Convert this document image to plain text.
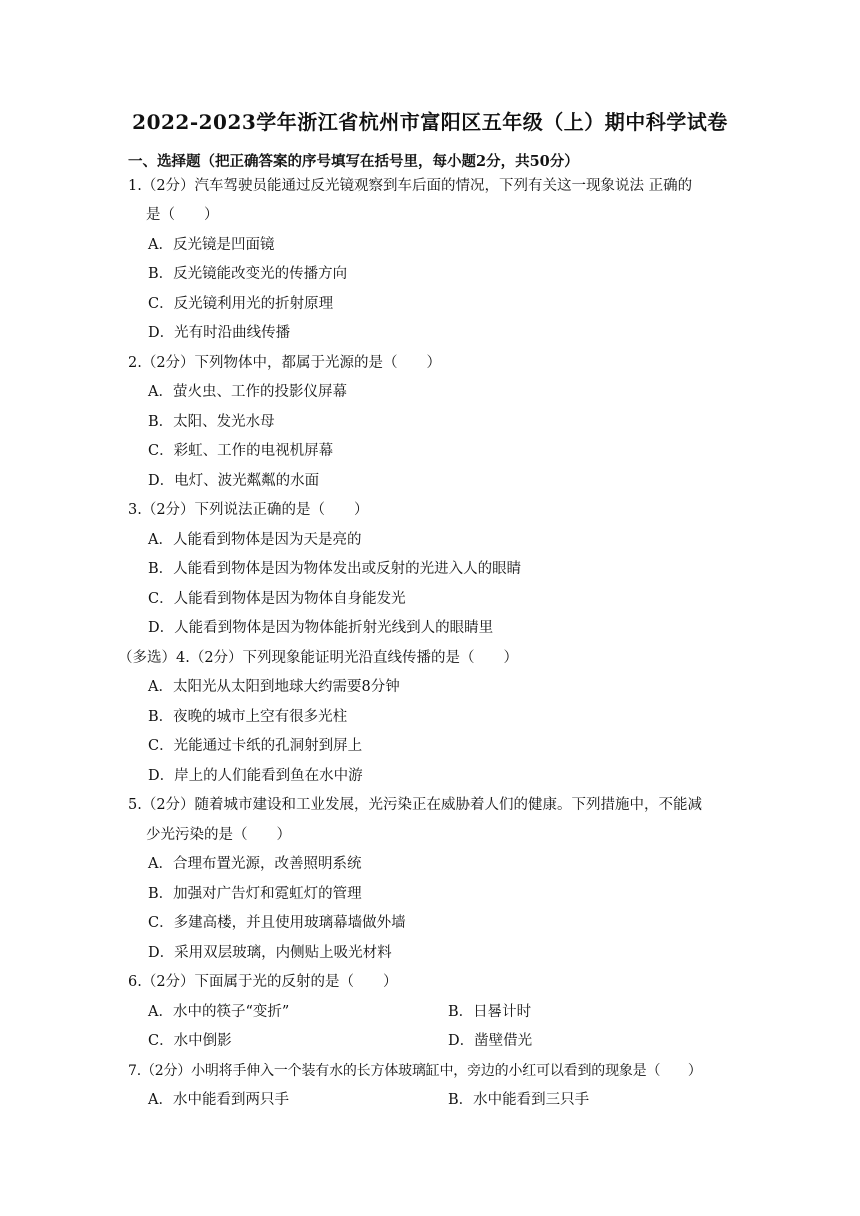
2022-2023学年浙江省杭州市富阳区五年级（上）期中科学试卷
一、选择题（把正确答案的序号填写在括号里，每小题2分，共50分）
1.（2分）汽车驾驶员能通过反光镜观察到车后面的情况，下列有关这一现象说法 正确的
是（　　）
A．反光镜是凹面镜
B．反光镜能改变光的传播方向
C．反光镜利用光的折射原理
D．光有时沿曲线传播
2.（2分）下列物体中，都属于光源的是（　　）
A．萤火虫、工作的投影仪屏幕
B．太阳、发光水母
C．彩虹、工作的电视机屏幕
D．电灯、波光粼粼的水面
3.（2分）下列说法正确的是（　　）
A．人能看到物体是因为天是亮的
B．人能看到物体是因为物体发出或反射的光进入人的眼睛
C．人能看到物体是因为物体自身能发光
D．人能看到物体是因为物体能折射光线到人的眼睛里
（多选）4.（2分）下列现象能证明光沿直线传播的是（　　）
A．太阳光从太阳到地球大约需要8分钟
B．夜晚的城市上空有很多光柱
C．光能通过卡纸的孔洞射到屏上
D．岸上的人们能看到鱼在水中游
5.（2分）随着城市建设和工业发展，光污染正在威胁着人们的健康。下列措施中，不能减
少光污染的是（　　）
A．合理布置光源，改善照明系统
B．加强对广告灯和霓虹灯的管理
C．多建高楼，并且使用玻璃幕墙做外墙
D．采用双层玻璃，内侧贴上吸光材料
6.（2分）下面属于光的反射的是（　　）
A．水中的筷子“变折”	B．日晷计时
C．水中倒影	D．凿壁借光
7.（2分）小明将手伸入一个装有水的长方体玻璃缸中，旁边的小红可以看到的现象是（　　）
A．水中能看到两只手	B．水中能看到三只手
